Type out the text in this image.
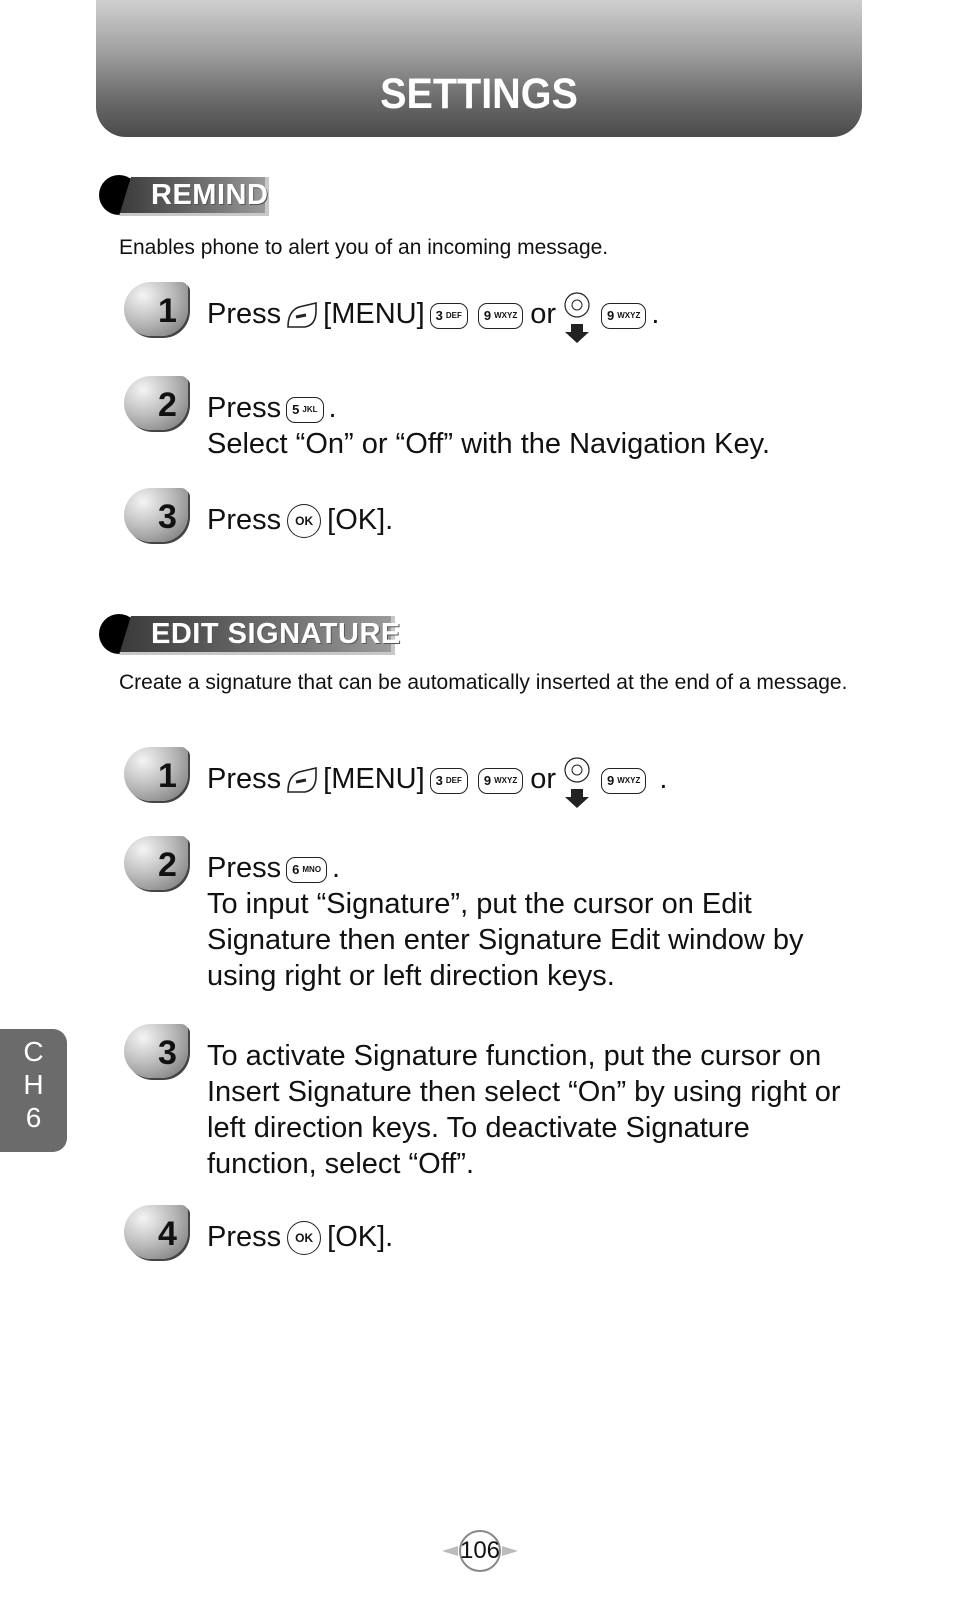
SETTINGS
REMIND
Enables phone to alert you of an incoming message.
1 Press [MENU] 3 DEF 9 WXYZ or	9 WXYZ .
2 Press 5 JKL .
Select “On” or “Off” with the Navigation Key.
3 Press	OK [OK].
EDIT SIGNATURE
Create a signature that can be automatically inserted at the end of a message.
1 Press [MENU] 3 DEF 9 WXYZ or	9 WXYZ .
2 Press 6 MNO .
To input “Signature”, put the cursor on Edit Signature then enter Signature Edit window by using right or left direction keys.
3 To activate Signature function, put the cursor on Insert Signature then select “On” by using right or left direction keys. To deactivate Signature function, select “Off”.
4 Press	OK [OK].
C
H
6
106
